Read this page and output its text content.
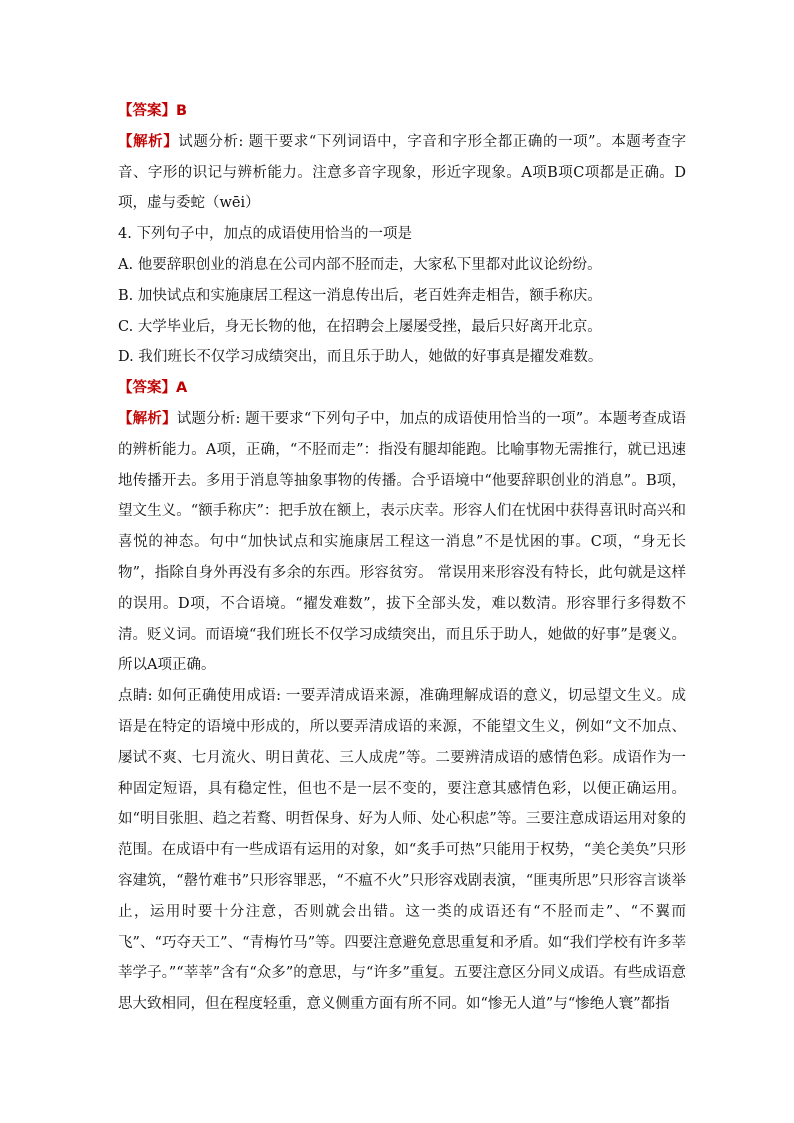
【答案】B

【解析】试题分析: 题干要求“下列词语中，字音和字形全都正确的一项”。本题考查字音、字形的识记与辨析能力。注意多音字现象，形近字现象。A项B项C项都是正确。D项，虚与委蛇（wēi）

4. 下列句子中，加点的成语使用恰当的一项是

A. 他要辞职创业的消息在公司内部不胫而走，大家私下里都对此议论纷纷。

B. 加快试点和实施康居工程这一消息传出后，老百姓奔走相告，额手称庆。

C. 大学毕业后，身无长物的他，在招聘会上屡屡受挫，最后只好离开北京。

D. 我们班长不仅学习成绩突出，而且乐于助人，她做的好事真是擢发难数。

【答案】A

【解析】试题分析: 题干要求“下列句子中，加点的成语使用恰当的一项”。本题考查成语的辨析能力。A项，正确，“不胫而走”：指没有腿却能跑。比喻事物无需推行，就已迅速地传播开去。多用于消息等抽象事物的传播。合乎语境中“他要辞职创业的消息”。B项，望文生义。“额手称庆”：把手放在额上，表示庆幸。形容人们在忧困中获得喜讯时高兴和喜悦的神态。句中“加快试点和实施康居工程这一消息”不是忧困的事。C项，“身无长物”，指除自身外再没有多余的东西。形容贫穷。 常误用来形容没有特长，此句就是这样的误用。D项，不合语境。“擢发难数”，拔下全部头发，难以数清。形容罪行多得数不清。贬义词。而语境“我们班长不仅学习成绩突出，而且乐于助人，她做的好事”是褒义。所以A项正确。

点睛: 如何正确使用成语: 一要弄清成语来源，准确理解成语的意义，切忌望文生义。成语是在特定的语境中形成的，所以要弄清成语的来源，不能望文生义，例如“文不加点、屡试不爽、七月流火、明日黄花、三人成虎”等。二要辨清成语的感情色彩。成语作为一种固定短语，具有稳定性，但也不是一层不变的，要注意其感情色彩，以便正确运用。如“明目张胆、趋之若鹜、明哲保身、好为人师、处心积虑”等。三要注意成语运用对象的范围。在成语中有一些成语有运用的对象，如“炙手可热”只能用于权势，“美仑美奂”只形容建筑，“罄竹难书”只形容罪恶，“不瘟不火”只形容戏剧表演，“匪夷所思”只形容言谈举止，运用时要十分注意，否则就会出错。这一类的成语还有“不胫而走”、“不翼而飞”、“巧夺天工”、“青梅竹马”等。四要注意避免意思重复和矛盾。如“我们学校有许多莘莘学子。”“莘莘”含有“众多”的意思，与“许多”重复。五要注意区分同义成语。有些成语意思大致相同，但在程度轻重，意义侧重方面有所不同。如“惨无人道”与“惨绝人寰”都指
